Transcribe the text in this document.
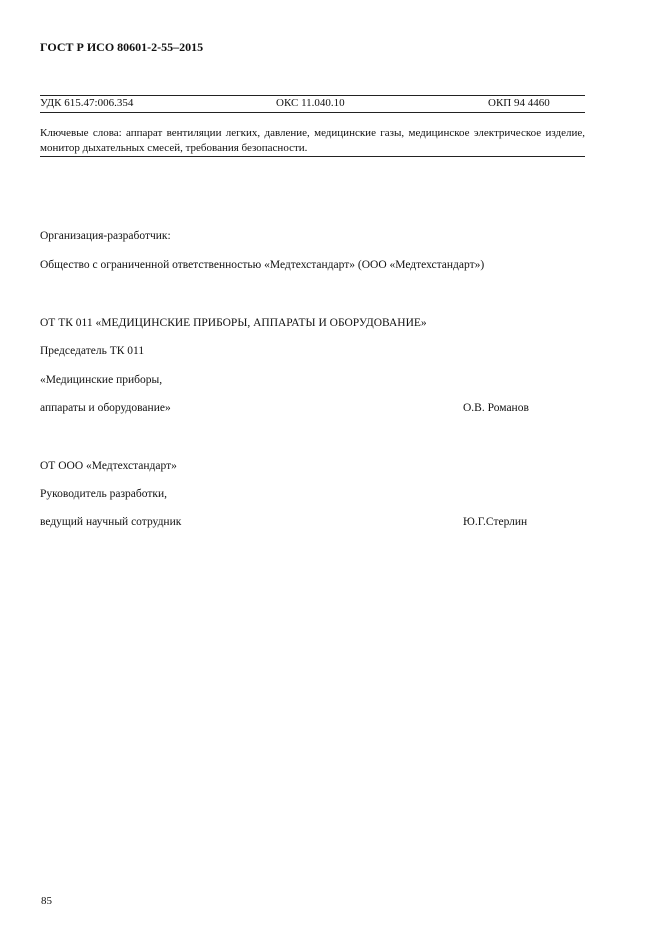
ГОСТ Р ИСО 80601-2-55–2015
УДК 615.47:006.354	ОКС 11.040.10	ОКП 94 4460
Ключевые слова: аппарат вентиляции легких, давление, медицинские газы, медицинское электрическое изделие, монитор дыхательных смесей, требования безопасности.
Организация-разработчик:
Общество с ограниченной ответственностью «Медтехстандарт» (ООО «Медтехстандарт»)
ОТ ТК 011 «МЕДИЦИНСКИЕ ПРИБОРЫ, АППАРАТЫ И ОБОРУДОВАНИЕ»
Председатель ТК 011
«Медицинские приборы,
аппараты и оборудование»	О.В. Романов
ОТ ООО «Медтехстандарт»
Руководитель разработки,
ведущий научный сотрудник	Ю.Г.Стерлин
85
